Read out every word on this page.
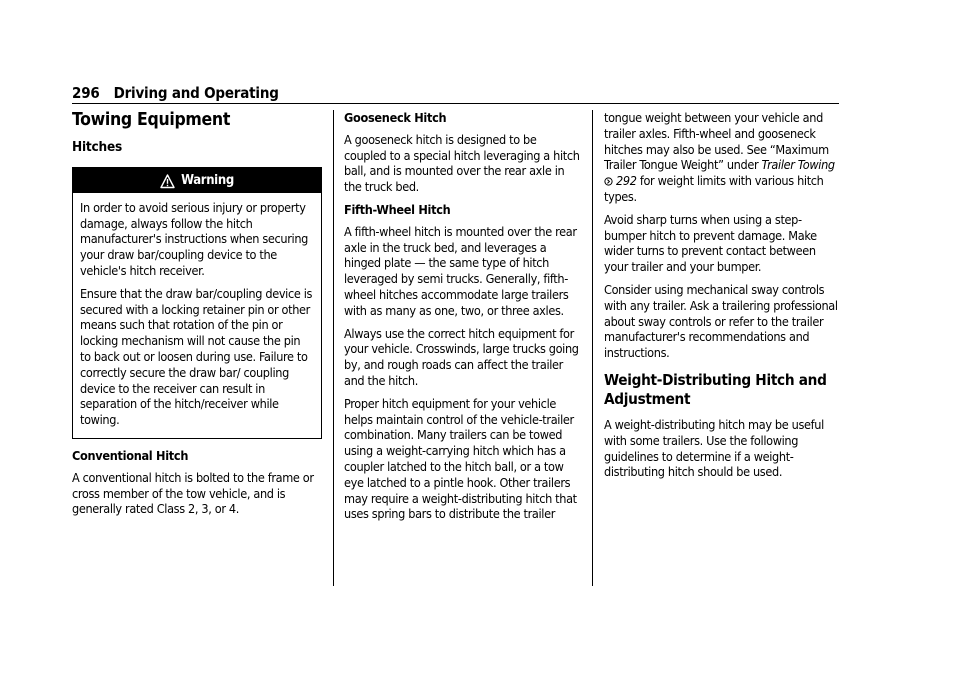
296 Driving and Operating
Towing Equipment
Hitches
Warning

In order to avoid serious injury or property damage, always follow the hitch manufacturer's instructions when securing your draw bar/coupling device to the vehicle's hitch receiver.

Ensure that the draw bar/coupling device is secured with a locking retainer pin or other means such that rotation of the pin or locking mechanism will not cause the pin to back out or loosen during use. Failure to correctly secure the draw bar/ coupling device to the receiver can result in separation of the hitch/receiver while towing.

Conventional Hitch

A conventional hitch is bolted to the frame or cross member of the tow vehicle, and is generally rated Class 2, 3, or 4.

Gooseneck Hitch

A gooseneck hitch is designed to be coupled to a special hitch leveraging a hitch ball, and is mounted over the rear axle in the truck bed.

Fifth-Wheel Hitch

A fifth-wheel hitch is mounted over the rear axle in the truck bed, and leverages a hinged plate — the same type of hitch leveraged by semi trucks. Generally, fifth-wheel hitches accommodate large trailers with as many as one, two, or three axles.

Always use the correct hitch equipment for your vehicle. Crosswinds, large trucks going by, and rough roads can affect the trailer and the hitch.

Proper hitch equipment for your vehicle helps maintain control of the vehicle-trailer combination. Many trailers can be towed using a weight-carrying hitch which has a coupler latched to the hitch ball, or a tow eye latched to a pintle hook. Other trailers may require a weight-distributing hitch that uses spring bars to distribute the trailer

tongue weight between your vehicle and trailer axles. Fifth-wheel and gooseneck hitches may also be used. See “Maximum Trailer Tongue Weight” under Trailer Towing
292 for weight limits with various hitch types.

Avoid sharp turns when using a step-bumper hitch to prevent damage. Make wider turns to prevent contact between your trailer and your bumper.

Consider using mechanical sway controls with any trailer. Ask a trailering professional about sway controls or refer to the trailer manufacturer's recommendations and instructions.

Weight-Distributing Hitch and Adjustment

A weight-distributing hitch may be useful with some trailers. Use the following guidelines to determine if a weight-distributing hitch should be used.
